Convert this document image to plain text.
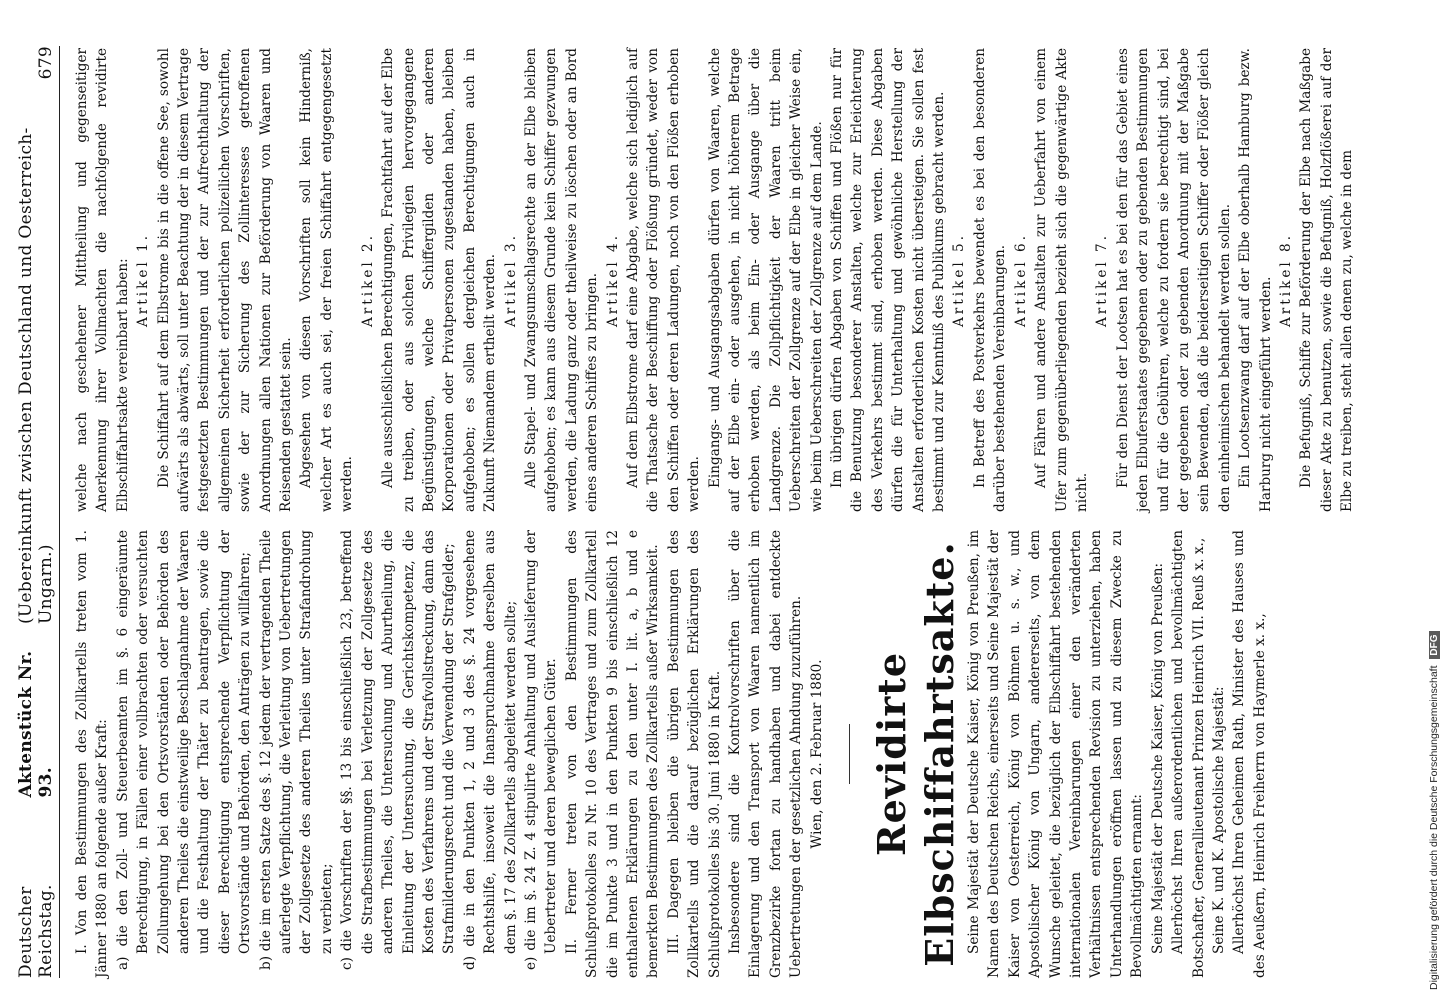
Deutscher Reichstag.
Aktenstück Nr. 93.
(Uebereinkunft zwischen Deutschland und Oesterreich-Ungarn.)
679

I. Von den Bestimmungen des Zollkartells treten vom 1. Jänner 1880 an folgende außer Kraft: a) die den Zoll- und Steuerbeamten im §. 6 eingeräumte Berechtigung, in Fällen einer vollbrachten oder versuchten Zollumgehung bei den Ortsvorständen oder Behörden des anderen Theiles die einstweilige Beschlagnahme der Waaren und die Festhaltung der Thäter zu beantragen, sowie die dieser Berechtigung entsprechende Verpflichtung der Ortsvorstände und Behörden, den Anträgen zu willfahren; b) die im ersten Satze des §. 12 jedem der vertragenden Theile auferlegte Verpflichtung, die Verleitung von Uebertretungen der Zollgesetze des anderen Theiles unter Strafandrohung zu verbieten; c) die Vorschriften der §§. 13 bis einschließlich 23, betreffend die Strafbestimmungen bei Verletzung der Zollgesetze des anderen Theiles, die Untersuchung und Aburtheilung, die Einleitung der Untersuchung, die Gerichtskompetenz, die Kosten des Verfahrens und der Strafvollstreckung, dann das Strafmilderungsrecht und die Verwendung der Strafgelder; d) die in den Punkten 1, 2 und 3 des §. 24 vorgesehene Rechtshilfe, insoweit die Inanspruchnahme derselben aus dem §. 17 des Zollkartells abgeleitet werden sollte; e) die im §. 24 Z. 4 stipulirte Anhaltung und Auslieferung der Uebertreter und deren beweglichen Güter. II. Ferner treten von den Bestimmungen des Schlußprotokolles zu Nr. 10 des Vertrages und zum Zollkartell die im Punkte 3 und in den Punkten 9 bis einschließlich 12 enthaltenen Erklärungen zu den unter I. lit. a, b und e bemerkten Bestimmungen des Zollkartells außer Wirksamkeit. III. Dagegen bleiben die übrigen Bestimmungen des Zollkartells und die darauf bezüglichen Erklärungen des Schlußprotokolles bis 30. Juni 1880 in Kraft. Insbesondere sind die Kontrolvorschriften über die Einlagerung und den Transport von Waaren namentlich im Grenzbezirke fortan zu handhaben und dabei entdeckte Uebertretungen der gesetzlichen Ahndung zuzuführen. Wien, den 2. Februar 1880. Revidirte Elbschiffahrtsakte. Seine Majestät der Deutsche Kaiser, König von Preußen, im Namen des Deutschen Reichs, einerseits und Seine Majestät der Kaiser von Oesterreich, König von Böhmen u. s. w., und Apostolischer König von Ungarn, andererseits, von dem Wunsche geleitet, die bezüglich der Elbschiffahrt bestehenden internationalen Vereinbarungen einer den veränderten Verhältnissen entsprechenden Revision zu unterziehen, haben Unterhandlungen eröffnen lassen und zu diesem Zwecke zu Bevollmächtigten ernannt: Seine Majestät der Deutsche Kaiser, König von Preußen: Allerhöchst Ihren außerordentlichen und bevollmächtigten Botschafter, Generallieutenant Prinzen Heinrich VII. Reuß x. x., Seine K. und K. Apostolische Majestät: Allerhöchst Ihren Geheimen Rath, Minister des Hauses und des Aeußern, Heinrich Freiherrn von Haymerle x. x.,

welche nach geschehener Mittheilung und gegenseitiger Anerkennung ihrer Vollmachten die nachfolgende revidirte Elbschiffahrtsakte vereinbart haben: Artikel 1. Die Schiffahrt auf dem Elbstrome bis in die offene See, sowohl aufwärts als abwärts, soll unter Beachtung der in diesem Vertrage festgesetzten Bestimmungen und der zur Aufrechthaltung der allgemeinen Sicherheit erforderlichen polizeilichen Vorschriften, sowie der zur Sicherung des Zollinteresses getroffenen Anordnungen allen Nationen zur Beförderung von Waaren und Reisenden gestattet sein. Abgesehen von diesen Vorschriften soll kein Hinderniß, welcher Art es auch sei, der freien Schiffahrt entgegengesetzt werden.

Artikel 2. Alle ausschließlichen Berechtigungen, Frachtfahrt auf der Elbe zu treiben, oder aus solchen Privilegien hervorgegangene Begünstigungen, welche Schiffergilden oder anderen Korporationen oder Privatpersonen zugestanden haben, bleiben aufgehoben; es sollen dergleichen Berechtigungen auch in Zukunft Niemandem ertheilt werden. Artikel 3. Alle Stapel- und Zwangsumschlagsrechte an der Elbe bleiben aufgehoben; es kann aus diesem Grunde kein Schiffer gezwungen werden, die Ladung ganz oder theilweise zu löschen oder an Bord eines anderen Schiffes zu bringen. Artikel 4. Auf dem Elbstrome darf eine Abgabe, welche sich lediglich auf die Thatsache der Beschiffung oder Flößung gründet, weder von den Schiffen oder deren Ladungen, noch von den Flößen erhoben werden. Eingangs- und Ausgangsabgaben dürfen von Waaren, welche auf der Elbe ein- oder ausgehen, in nicht höherem Betrage erhoben werden, als beim Ein- oder Ausgange über die Landgrenze. Die Zollpflichtigkeit der Waaren tritt beim Ueberschreiten der Zollgrenze auf der Elbe in gleicher Weise ein, wie beim Ueberschreiten der Zollgrenze auf dem Lande. Im übrigen dürfen Abgaben von Schiffen und Flößen nur für die Benutzung besonderer Anstalten, welche zur Erleichterung des Verkehrs bestimmt sind, erhoben werden. Diese Abgaben dürfen die für Unterhaltung und gewöhnliche Herstellung der Anstalten erforderlichen Kosten nicht übersteigen. Sie sollen fest bestimmt und zur Kenntniß des Publikums gebracht werden. Artikel 5. In Betreff des Postverkehrs bewendet es bei den besonderen darüber bestehenden Vereinbarungen. Artikel 6. Auf Fähren und andere Anstalten zur Ueberfahrt von einem Ufer zum gegenüberliegenden bezieht sich die gegenwärtige Akte nicht.

Artikel 7. Für den Dienst der Lootsen hat es bei den für das Gebiet eines jeden Elbuferstaates gegebenen oder zu gebenden Bestimmungen und für die Gebühren, welche zu fordern sie berechtigt sind, bei der gegebenen oder zu gebenden Anordnung mit der Maßgabe sein Bewenden, daß die beiderseitigen Schiffer oder Flößer gleich den einheimischen behandelt werden sollen. Ein Lootsenzwang darf auf der Elbe oberhalb Hamburg bezw. Harburg nicht eingeführt werden. Artikel 8. Die Befugniß, Schiffe zur Beförderung der Elbe nach Maßgabe dieser Akte zu benutzen, sowie die Befugniß, Holzflößerei auf der Elbe zu treiben, steht allen denen zu, welche in dem

Digitalisierung gefördert durch die Deutsche Forschungsgemeinschaft DFG
